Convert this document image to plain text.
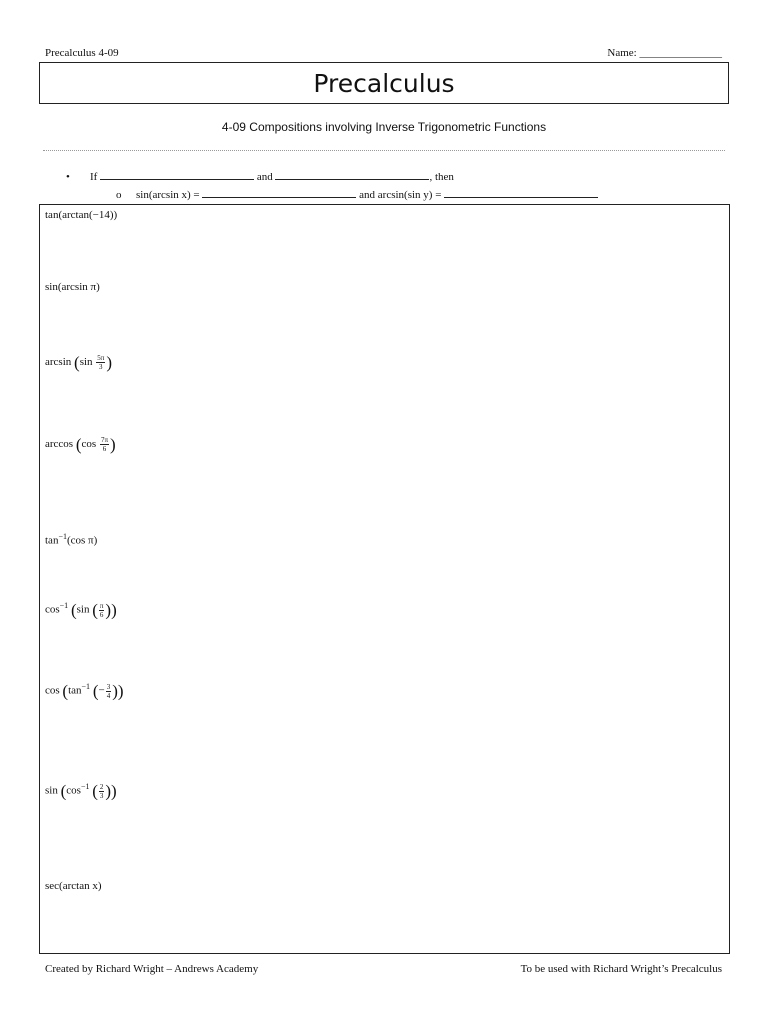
Precalculus 4-09	Name: _______________
Precalculus
4-09 Compositions involving Inverse Trigonometric Functions
• If	and	, then
o sin(arcsin x) =	and arcsin(sin y) =
tan(arctan(−14))
sin(arcsin π)
$\arcsin (\sin \frac{5\pi}{3}$ )
$\arccos (\cos \frac{7\pi}{6}$ )
$\tan^{-1}(\cos$ π)
$\cos^{-1} (\sin$ ( $\frac{\pi}{6}$ ))
$\cos (\tan^{-1}$ (− $\frac{3}{4}$ ))
$\sin (\cos^{-1}$ ( $\frac{2}{3}$ ))
sec(arctan x)
Created by Richard Wright – Andrews Academy	To be used with Richard Wright’s Precalculus
